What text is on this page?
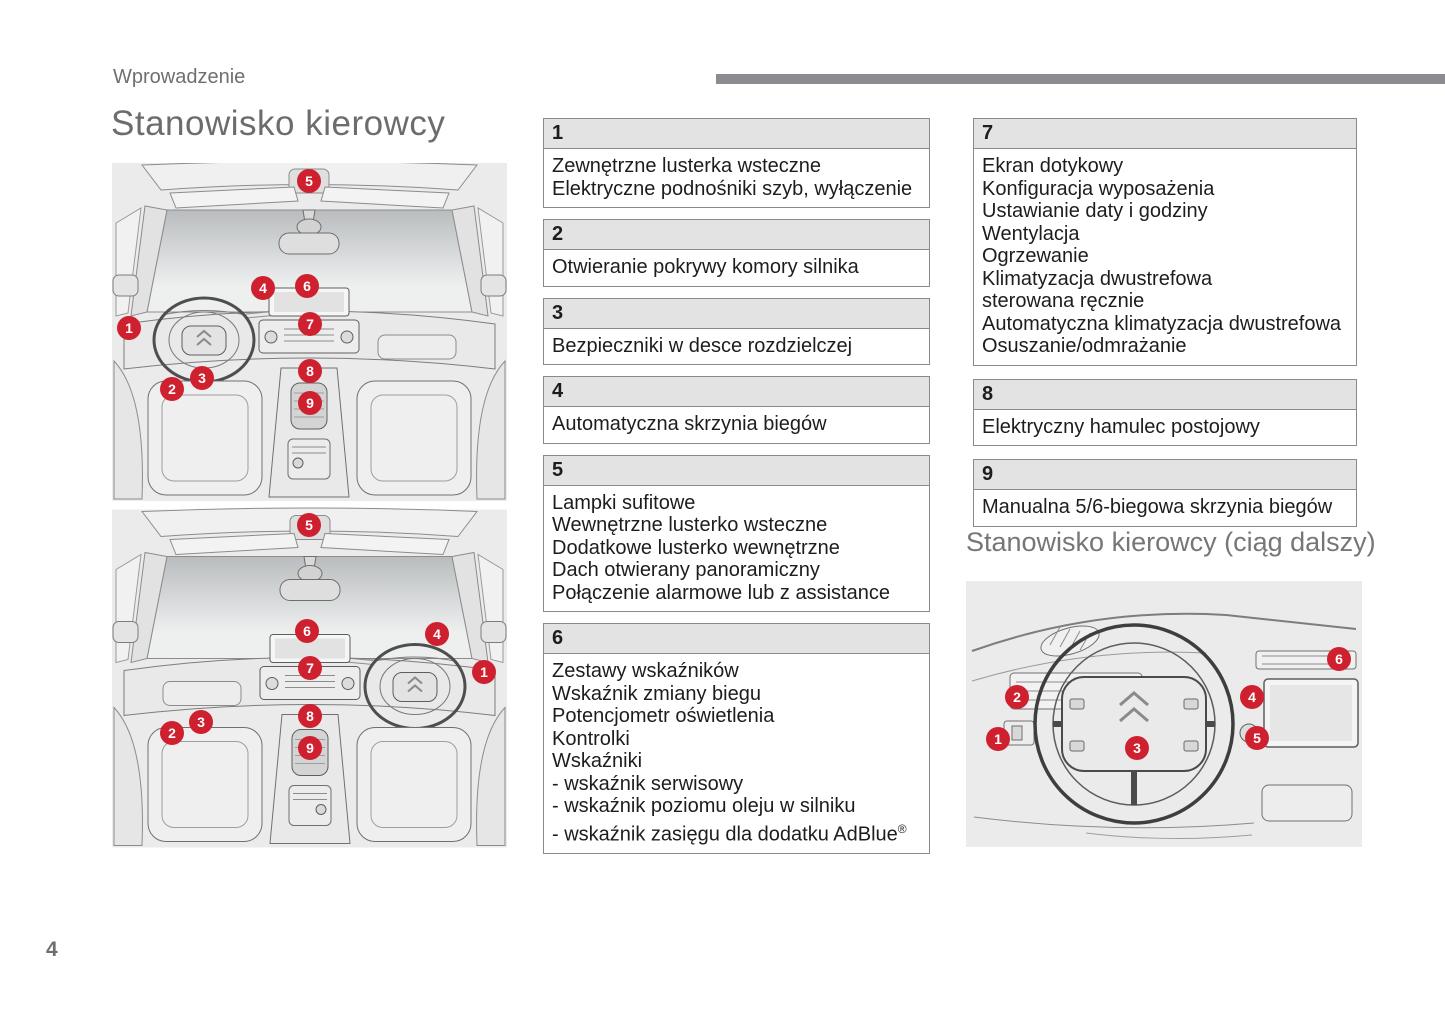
Wprowadzenie
Stanowisko kierowcy
5
4	6
7
1
8
3
2
9
5
6	4
7	1
8
3
2
9
1
Zewnętrzne lusterka wsteczne
Elektryczne podnośniki szyb, wyłączenie
2
Otwieranie pokrywy komory silnika
3
Bezpieczniki w desce rozdzielczej
4
Automatyczna skrzynia biegów
5
Lampki sufitowe
Wewnętrzne lusterko wsteczne
Dodatkowe lusterko wewnętrzne
Dach otwierany panoramiczny
Połączenie alarmowe lub z assistance
6
Zestawy wskaźników
Wskaźnik zmiany biegu
Potencjometr oświetlenia
Kontrolki
Wskaźniki
- wskaźnik serwisowy
- wskaźnik poziomu oleju w silniku
- wskaźnik zasięgu dla dodatku AdBlue®
7
Ekran dotykowy
Konfiguracja wyposażenia
Ustawianie daty i godziny
Wentylacja
Ogrzewanie
Klimatyzacja dwustrefowa
sterowana ręcznie
Automatyczna klimatyzacja dwustrefowa
Osuszanie/odmrażanie
8
Elektryczny hamulec postojowy
9
Manualna 5/6-biegowa skrzynia biegów
Stanowisko kierowcy (ciąg dalszy)
6
2	4
1	5
3
4
